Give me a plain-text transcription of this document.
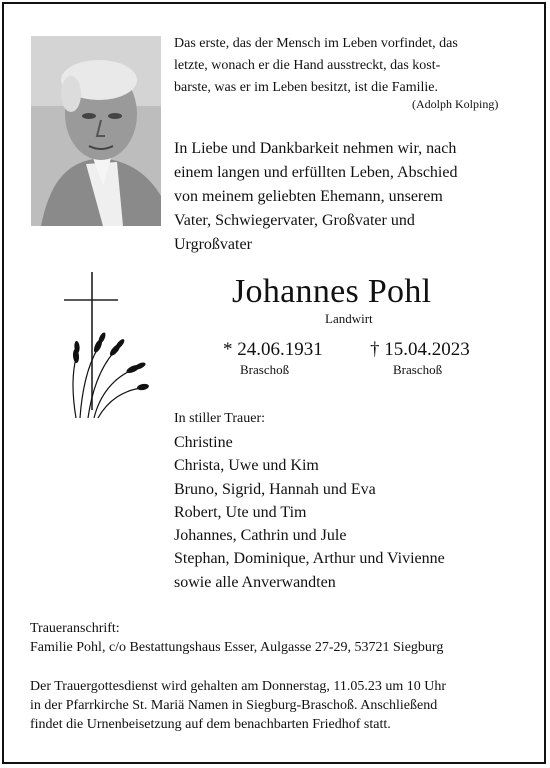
Das erste, das der Mensch im Leben vorfindet, das
letzte, wonach er die Hand ausstreckt, das kost-
barste, was er im Leben besitzt, ist die Familie.
(Adolph Kolping)
In Liebe und Dankbarkeit nehmen wir, nach
einem langen und erfüllten Leben, Abschied
von meinem geliebten Ehemann, unserem
Vater, Schwiegervater, Großvater und
Urgroßvater
Johannes Pohl
Landwirt
* 24.06.1931
Braschoß
† 15.04.2023
Braschoß
In stiller Trauer:
Christine
Christa, Uwe und Kim
Bruno, Sigrid, Hannah und Eva
Robert, Ute und Tim
Johannes, Cathrin und Jule
Stephan, Dominique, Arthur und Vivienne
sowie alle Anverwandten
Traueranschrift:
Familie Pohl, c/o Bestattungshaus Esser, Aulgasse 27-29, 53721 Siegburg
Der Trauergottesdienst wird gehalten am Donnerstag, 11.05.23 um 10 Uhr
in der Pfarrkirche St. Mariä Namen in Siegburg-Braschoß. Anschließend
findet die Urnenbeisetzung auf dem benachbarten Friedhof statt.
